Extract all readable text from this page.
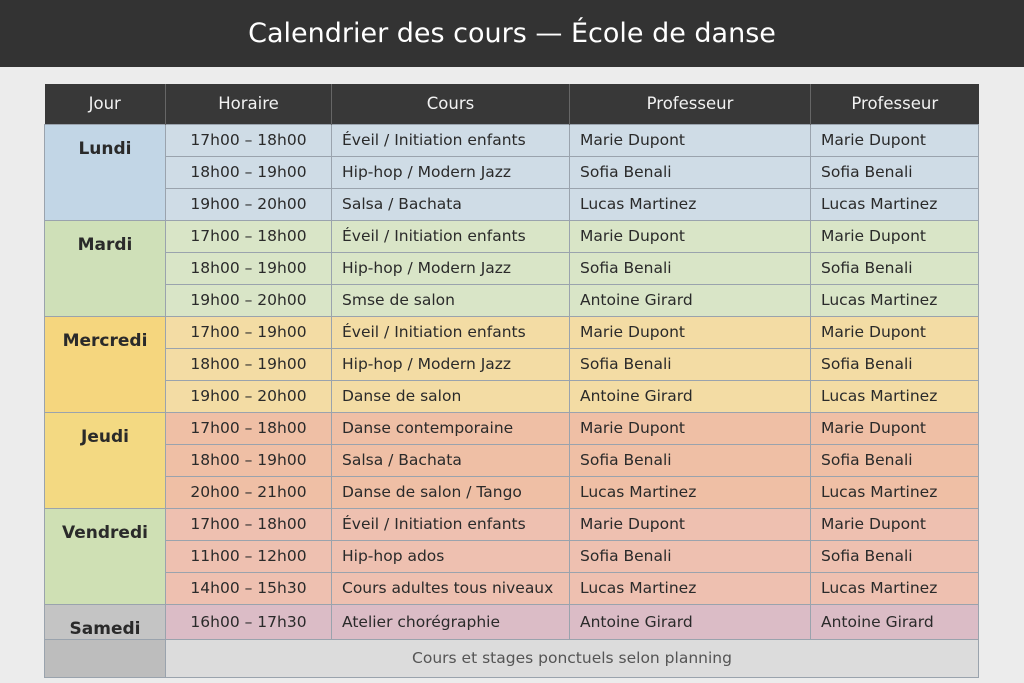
Calendrier des cours — École de danse
Jour	Horaire	Cours	Professeur	Professeur
Lundi	17h00 – 18h00	Éveil / Initiation enfants	Marie Dupont	Marie Dupont
	18h00 – 19h00	Hip-hop / Modern Jazz	Sofia Benali	Sofia Benali
	19h00 – 20h00	Salsa / Bachata	Lucas Martinez	Lucas Martinez
Mardi	17h00 – 18h00	Éveil / Initiation enfants	Marie Dupont	Marie Dupont
	18h00 – 19h00	Hip-hop / Modern Jazz	Sofia Benali	Sofia Benali
	19h00 – 20h00	Smse de salon	Antoine Girard	Lucas Martinez
Mercredi	17h00 – 19h00	Éveil / Initiation enfants	Marie Dupont	Marie Dupont
	18h00 – 19h00	Hip-hop / Modern Jazz	Sofia Benali	Sofia Benali
	19h00 – 20h00	Danse de salon	Antoine Girard	Lucas Martinez
Jeudi	17h00 – 18h00	Danse contemporaine	Marie Dupont	Marie Dupont
	18h00 – 19h00	Salsa / Bachata	Sofia Benali	Sofia Benali
	20h00 – 21h00	Danse de salon / Tango	Lucas Martinez	Lucas Martinez
Vendredi	17h00 – 18h00	Éveil / Initiation enfants	Marie Dupont	Marie Dupont
	11h00 – 12h00	Hip-hop ados	Sofia Benali	Sofia Benali
	14h00 – 15h30	Cours adultes tous niveaux	Lucas Martinez	Lucas Martinez
Samedi	16h00 – 17h30	Atelier chorégraphie	Antoine Girard	Antoine Girard
	Cours et stages ponctuels selon planning			
